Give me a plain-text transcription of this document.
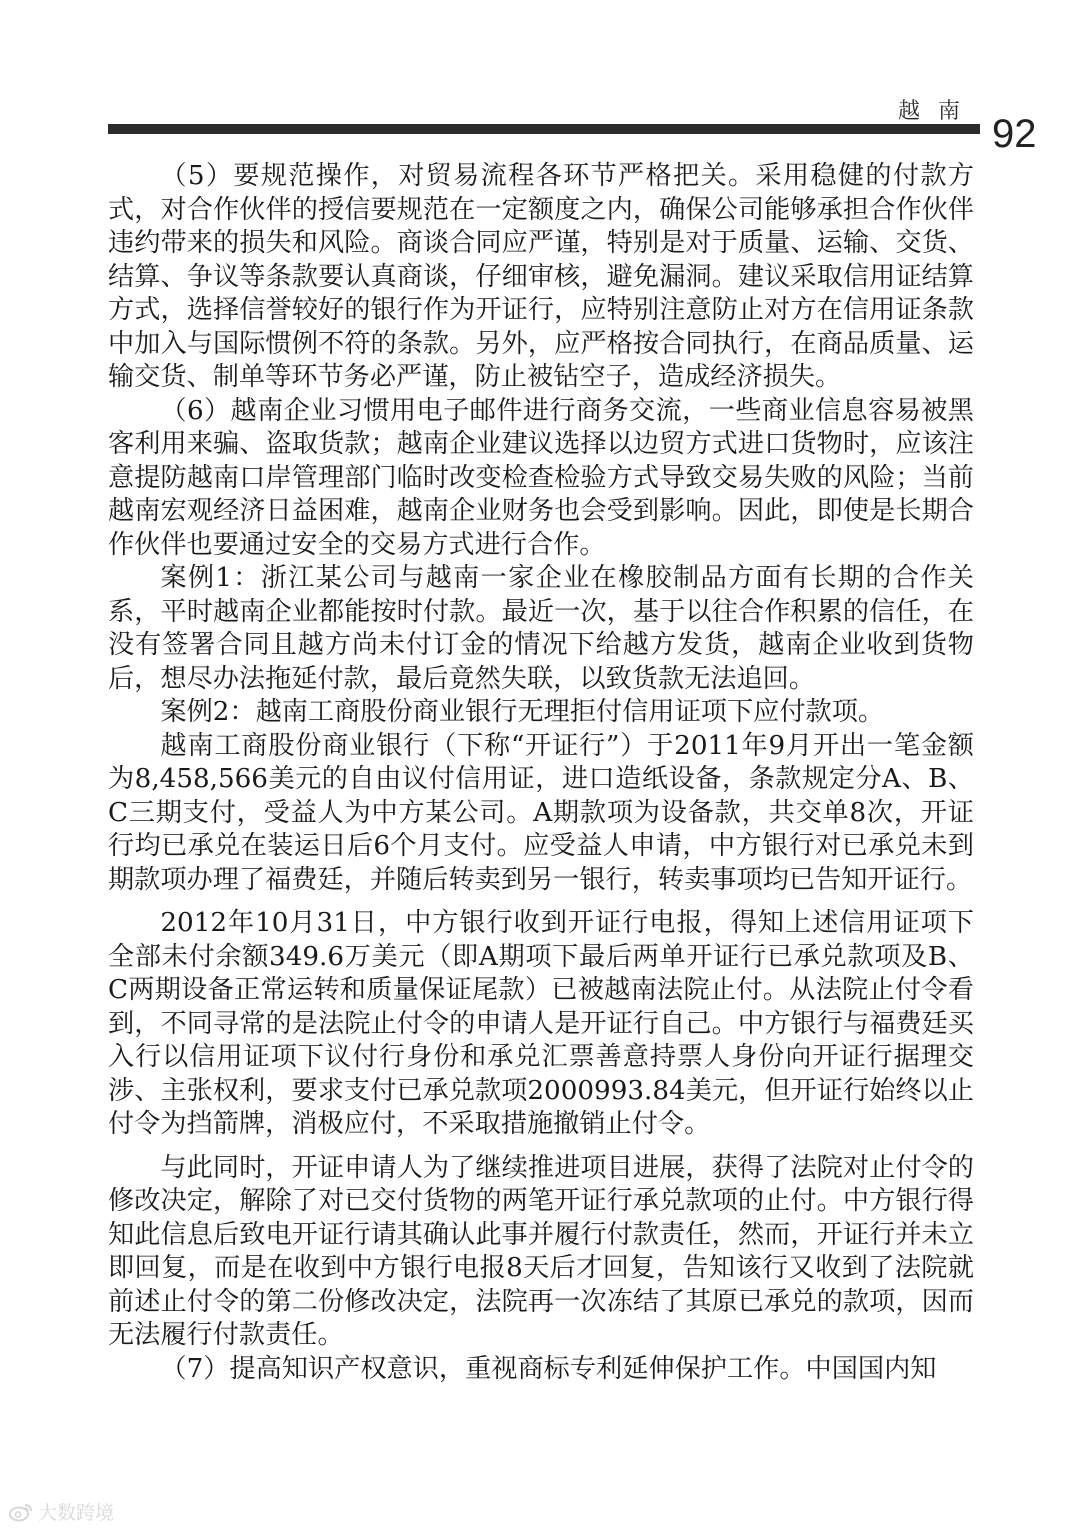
越南
92

（5）要规范操作，对贸易流程各环节严格把关。采用稳健的付款方式，对合作伙伴的授信要规范在一定额度之内，确保公司能够承担合作伙伴违约带来的损失和风险。商谈合同应严谨，特别是对于质量、运输、交货、结算、争议等条款要认真商谈，仔细审核，避免漏洞。建议采取信用证结算方式，选择信誉较好的银行作为开证行，应特别注意防止对方在信用证条款中加入与国际惯例不符的条款。另外，应严格按合同执行，在商品质量、运输交货、制单等环节务必严谨，防止被钻空子，造成经济损失。

（6）越南企业习惯用电子邮件进行商务交流，一些商业信息容易被黑客利用来骗、盗取货款；越南企业建议选择以边贸方式进口货物时，应该注意提防越南口岸管理部门临时改变检查检验方式导致交易失败的风险；当前越南宏观经济日益困难，越南企业财务也会受到影响。因此，即使是长期合作伙伴也要通过安全的交易方式进行合作。

案例1：浙江某公司与越南一家企业在橡胶制品方面有长期的合作关系，平时越南企业都能按时付款。最近一次，基于以往合作积累的信任，在没有签署合同且越方尚未付订金的情况下给越方发货，越南企业收到货物后，想尽办法拖延付款，最后竟然失联，以致货款无法追回。

案例2：越南工商股份商业银行无理拒付信用证项下应付款项。

越南工商股份商业银行（下称“开证行”）于2011年9月开出一笔金额为8,458,566美元的自由议付信用证，进口造纸设备，条款规定分A、B、C三期支付，受益人为中方某公司。A期款项为设备款，共交单8次，开证行均已承兑在装运日后6个月支付。应受益人申请，中方银行对已承兑未到期款项办理了福费廷，并随后转卖到另一银行，转卖事项均已告知开证行。

2012年10月31日，中方银行收到开证行电报，得知上述信用证项下全部未付余额349.6万美元（即A期项下最后两单开证行已承兑款项及B、C两期设备正常运转和质量保证尾款）已被越南法院止付。从法院止付令看到，不同寻常的是法院止付令的申请人是开证行自己。中方银行与福费廷买入行以信用证项下议付行身份和承兑汇票善意持票人身份向开证行据理交涉、主张权利，要求支付已承兑款项2000993.84美元，但开证行始终以止付令为挡箭牌，消极应付，不采取措施撤销止付令。

与此同时，开证申请人为了继续推进项目进展，获得了法院对止付令的修改决定，解除了对已交付货物的两笔开证行承兑款项的止付。中方银行得知此信息后致电开证行请其确认此事并履行付款责任，然而，开证行并未立即回复，而是在收到中方银行电报8天后才回复，告知该行又收到了法院就前述止付令的第二份修改决定，法院再一次冻结了其原已承兑的款项，因而无法履行付款责任。

（7）提高知识产权意识，重视商标专利延伸保护工作。中国国内知

大数跨境
